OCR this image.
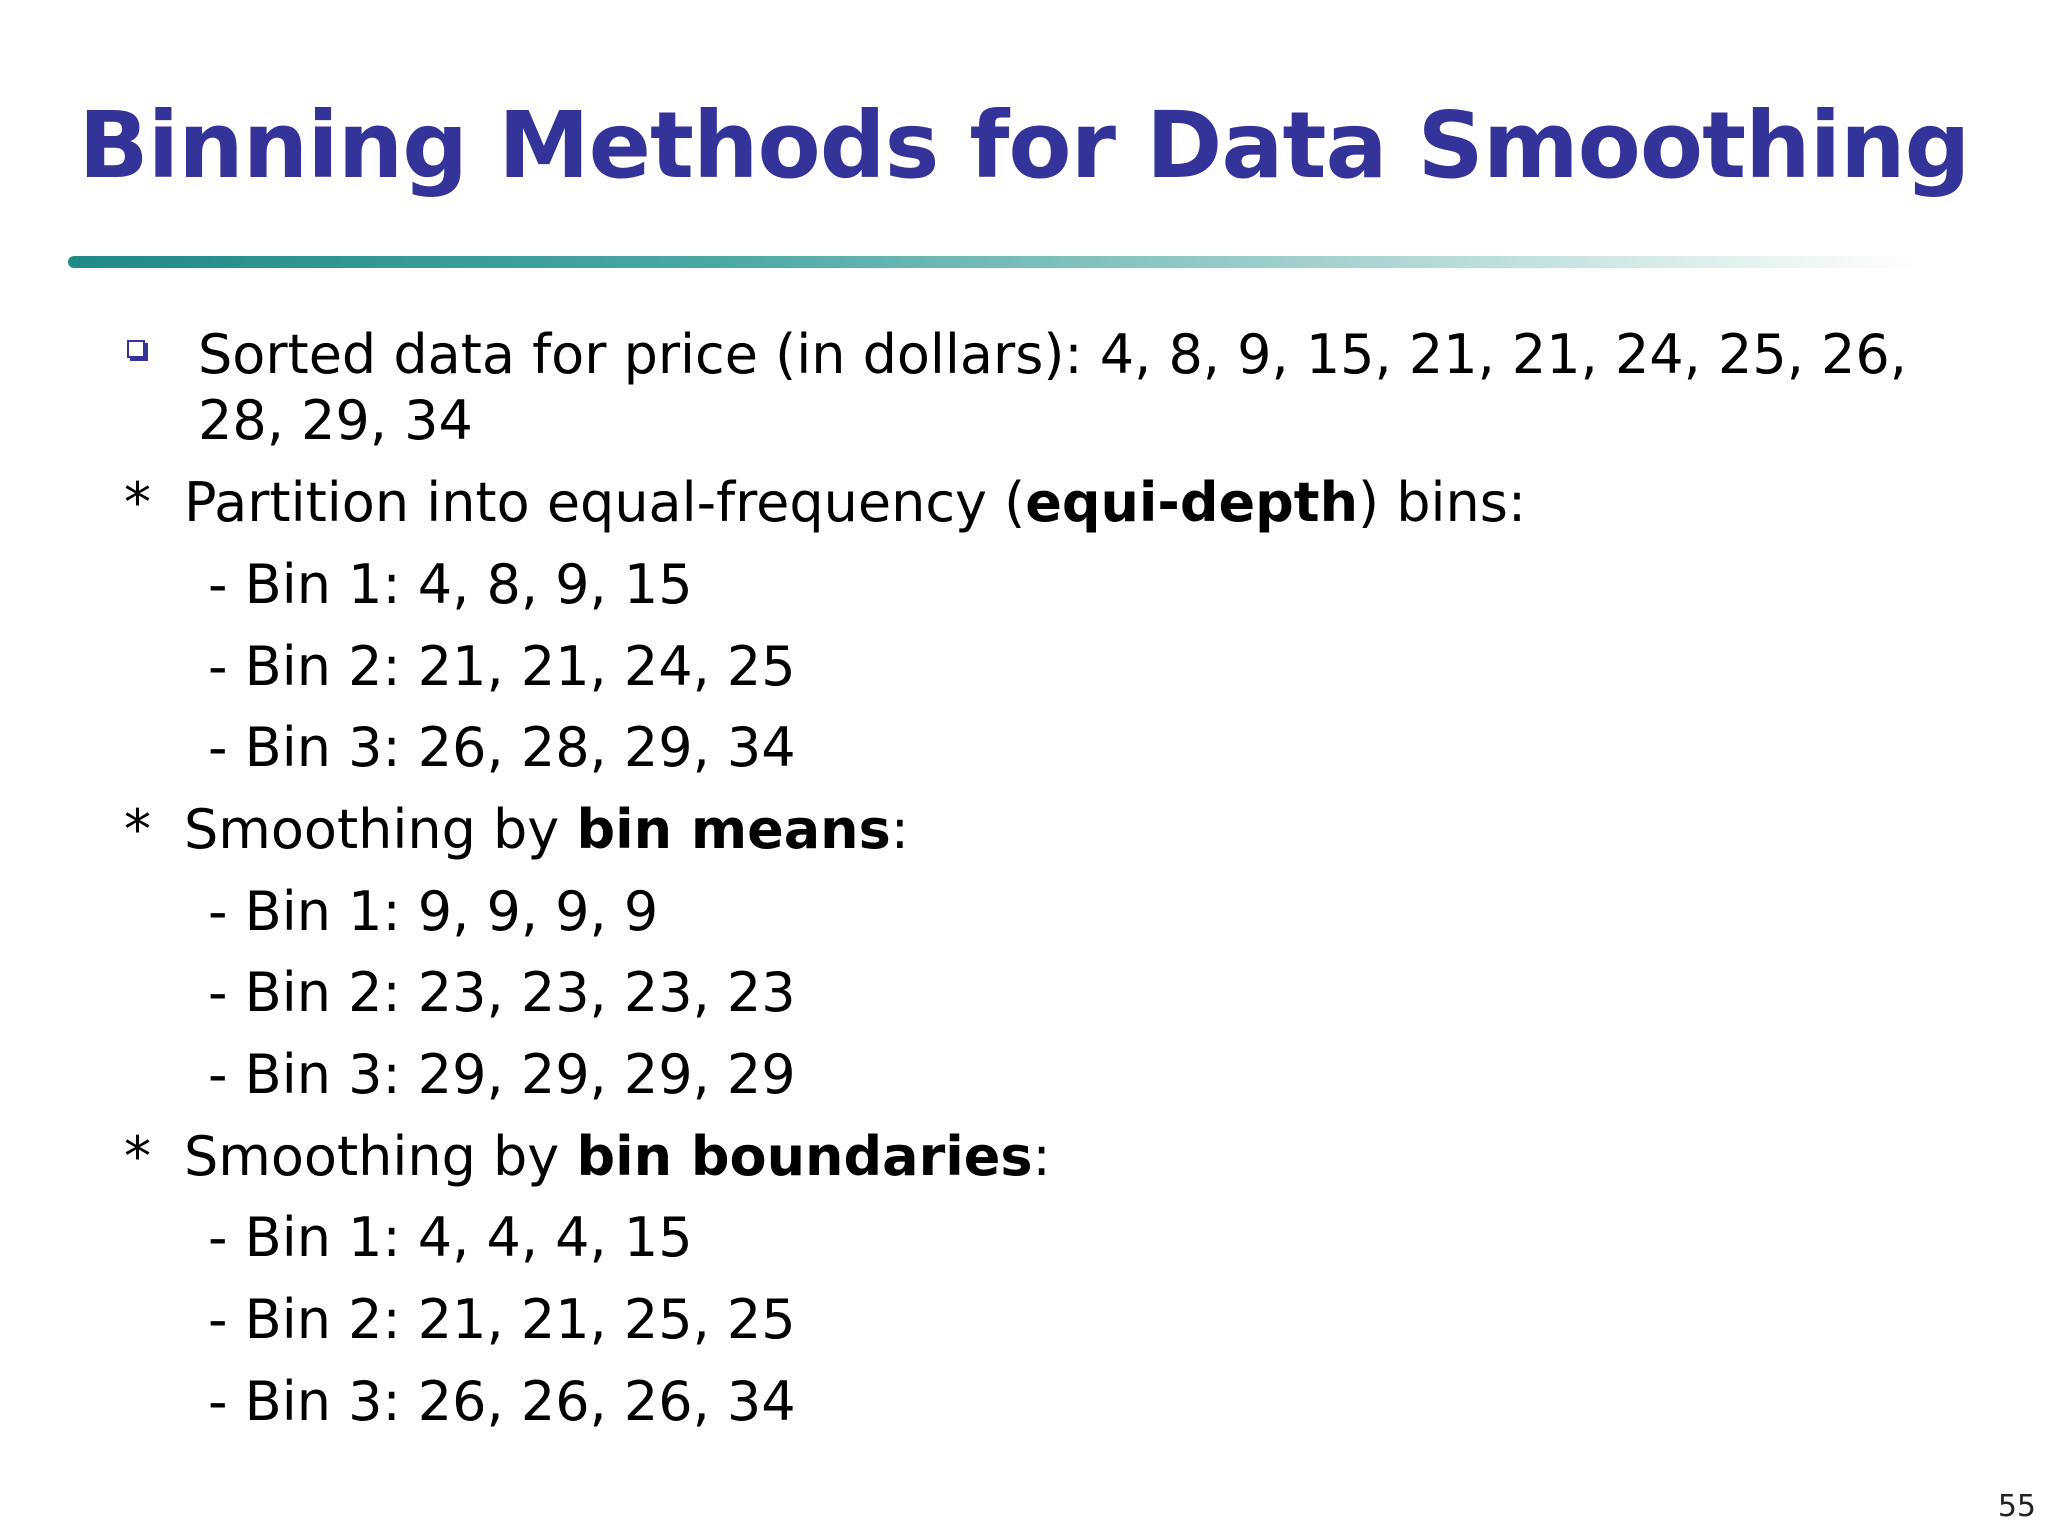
Binning Methods for Data Smoothing
Sorted data for price (in dollars): 4, 8, 9, 15, 21, 21, 24, 25, 26, 28, 29, 34
* Partition into equal-frequency (equi-depth) bins:
- Bin 1: 4, 8, 9, 15
- Bin 2: 21, 21, 24, 25
- Bin 3: 26, 28, 29, 34
* Smoothing by bin means:
- Bin 1: 9, 9, 9, 9
- Bin 2: 23, 23, 23, 23
- Bin 3: 29, 29, 29, 29
* Smoothing by bin boundaries:
- Bin 1: 4, 4, 4, 15
- Bin 2: 21, 21, 25, 25
- Bin 3: 26, 26, 26, 34
55
